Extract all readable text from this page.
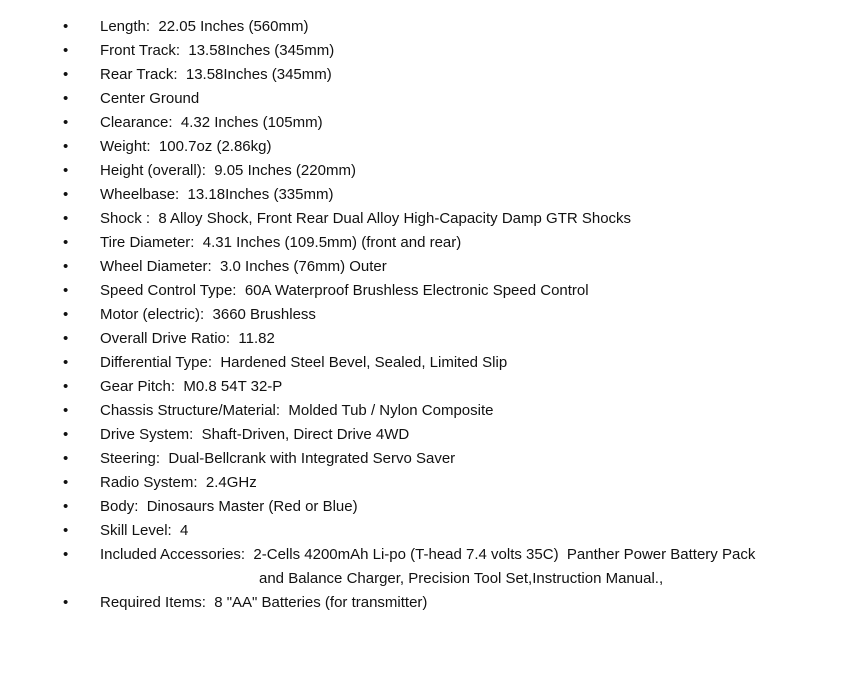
•	Length:  22.05 Inches (560mm)
•	Front Track:  13.58Inches (345mm)
•	Rear Track:  13.58Inches (345mm)
•	Center Ground
•	Clearance:  4.32 Inches (105mm)
•	Weight:  100.7oz (2.86kg)
•	Height (overall):  9.05 Inches (220mm)
•	Wheelbase:  13.18Inches (335mm)
•	Shock :  8 Alloy Shock, Front Rear Dual Alloy High-Capacity Damp GTR Shocks
•	Tire Diameter:  4.31 Inches (109.5mm) (front and rear)
•	Wheel Diameter:  3.0 Inches (76mm) Outer
•	Speed Control Type:  60A Waterproof Brushless Electronic Speed Control
•	Motor (electric):  3660 Brushless
•	Overall Drive Ratio:  11.82
•	Differential Type:  Hardened Steel Bevel, Sealed, Limited Slip
•	Gear Pitch:  M0.8 54T 32-P
•	Chassis Structure/Material:  Molded Tub / Nylon Composite
•	Drive System:  Shaft-Driven, Direct Drive 4WD
•	Steering:  Dual-Bellcrank with Integrated Servo Saver
•	Radio System:  2.4GHz
•	Body:  Dinosaurs Master (Red or Blue)
•	Skill Level:  4
•	Included Accessories:  2-Cells 4200mAh Li-po (T-head 7.4 volts 35C)  Panther Power Battery Pack
and Balance Charger, Precision Tool Set,Instruction Manual.,
•	Required Items:  8 "AA" Batteries (for transmitter)
